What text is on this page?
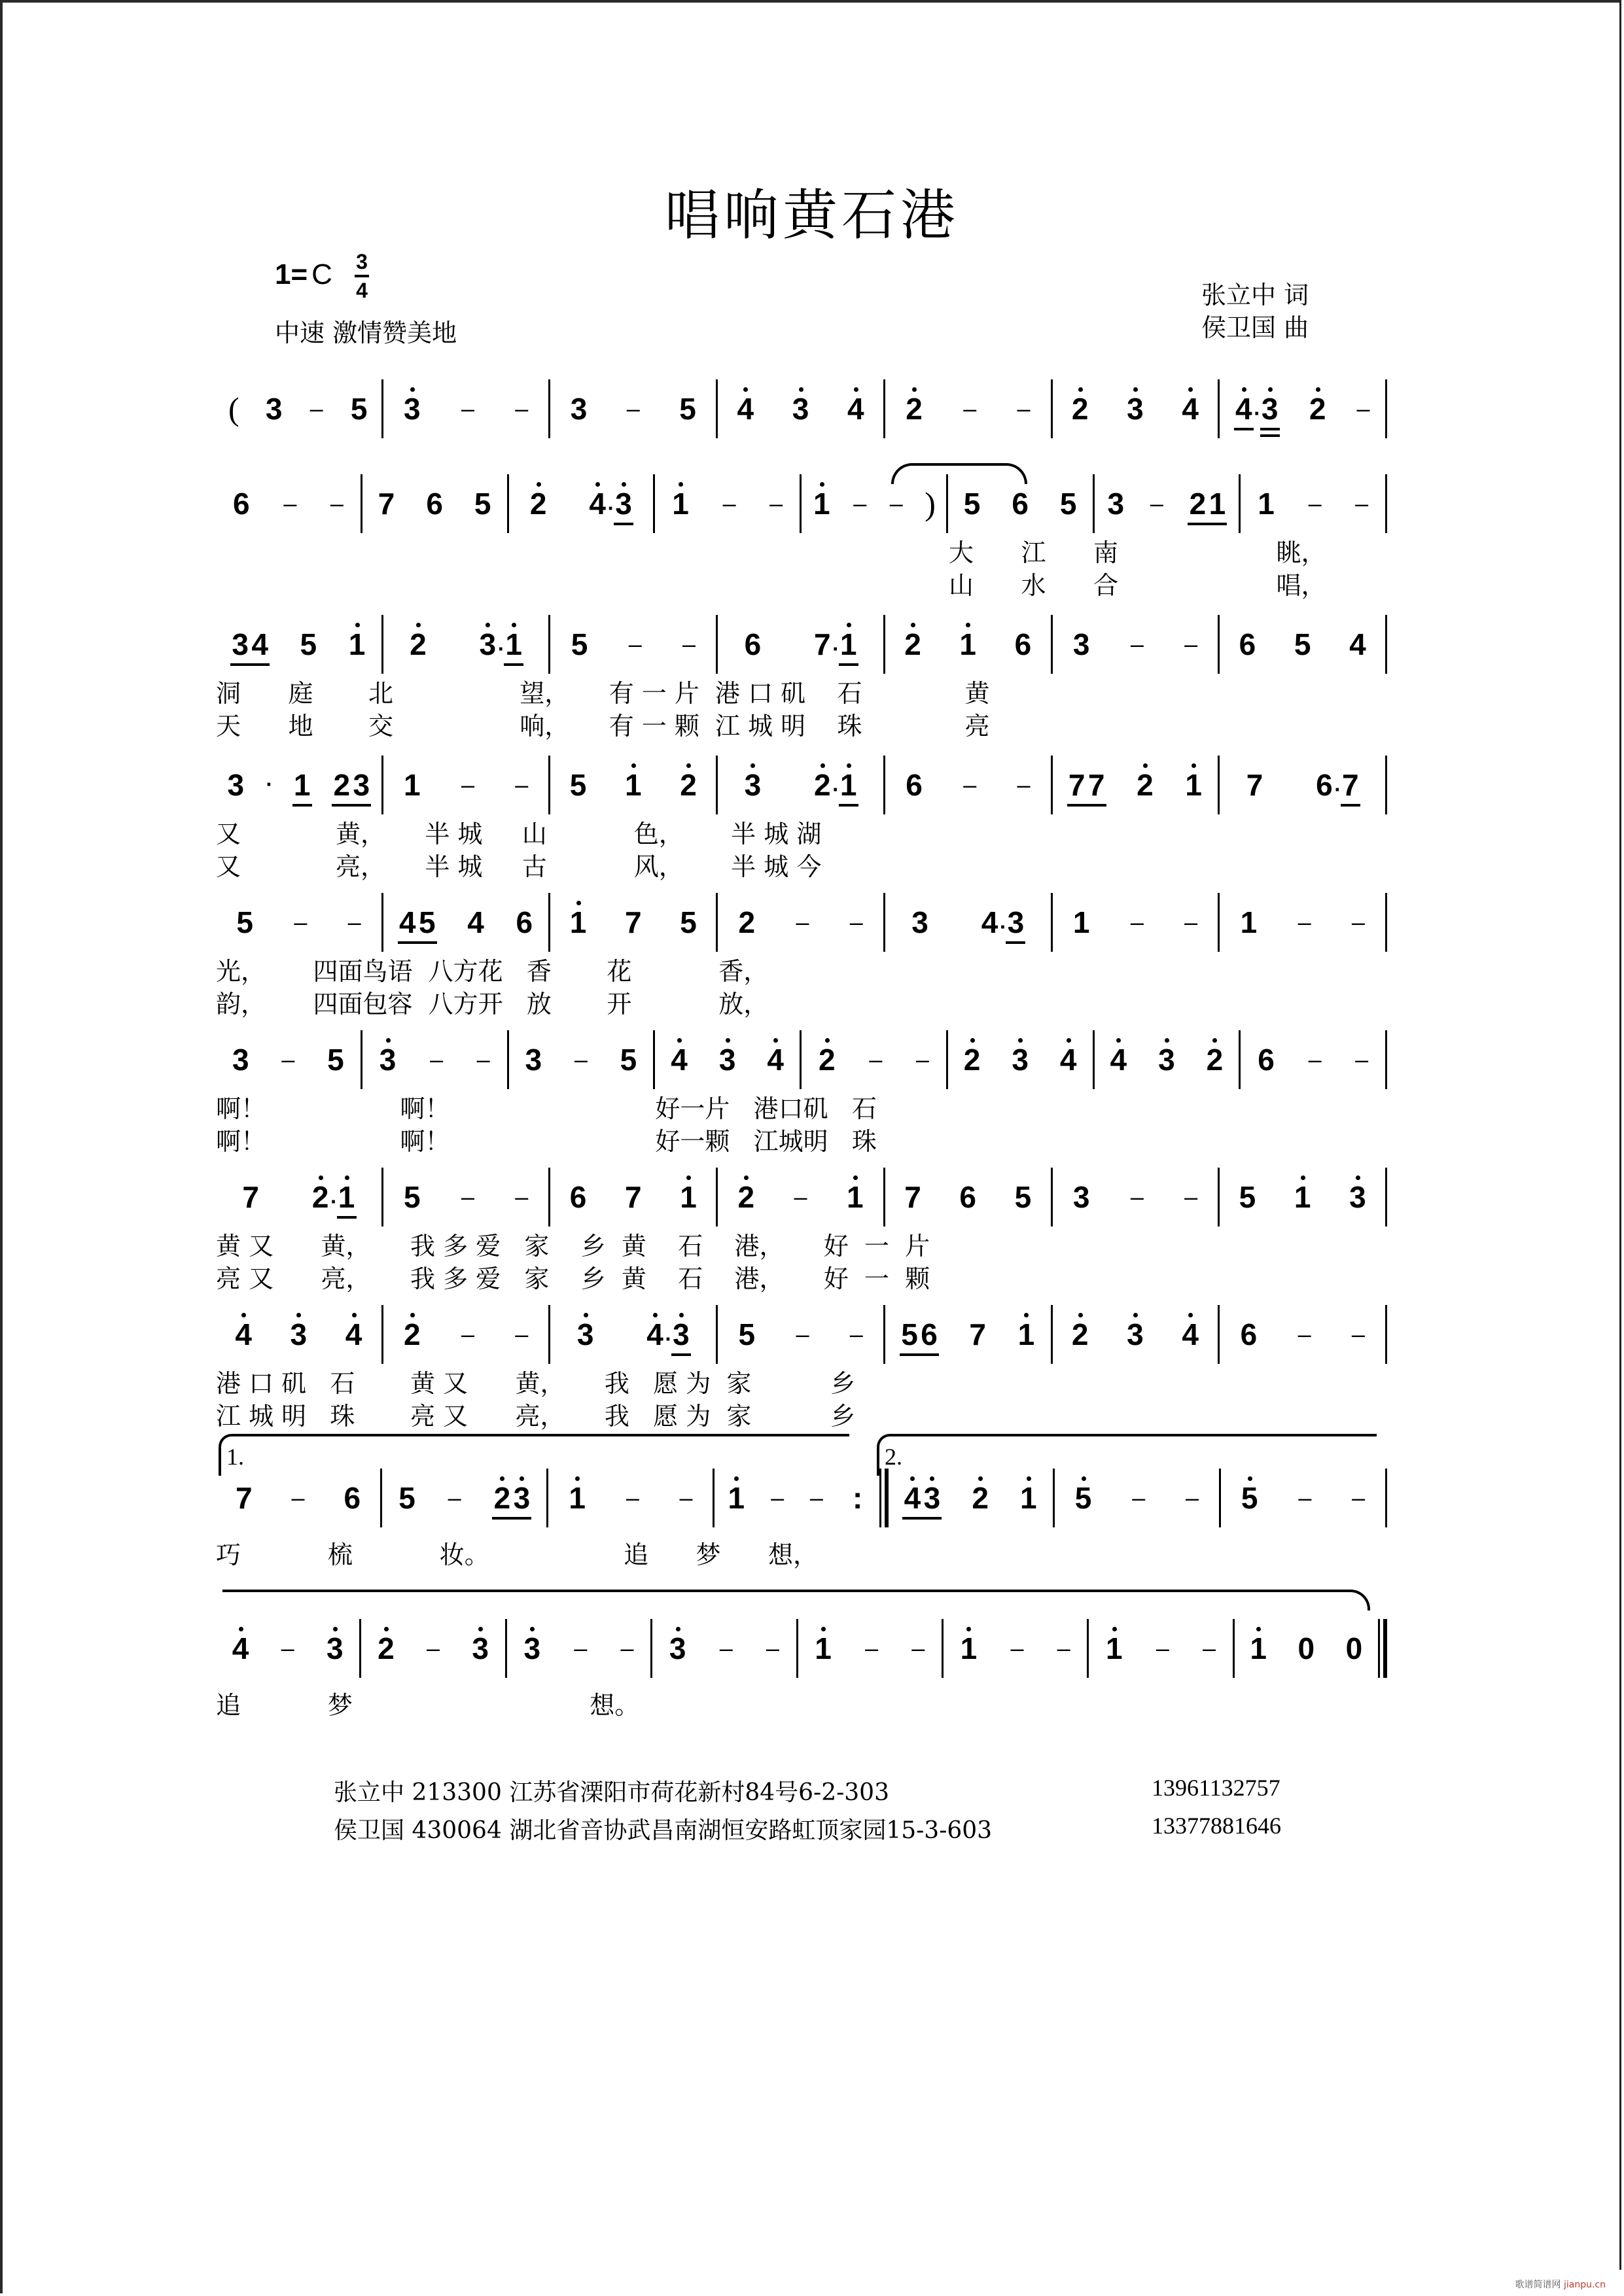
唱响黄石港
1= C 3
4
中速 激情赞美地
张立中 词
侯卫国 曲
( 3 – 5 3 – – 3 – 5 4 3 4 2 – – 2 3 4 4·3 2 –
6 – – 7 6 5 2 4·3 1 – – 1 – – ) 5 6 5 3 – 21 1 – –
大      江      南                    眺，
山      水      合                    唱，
34 5 1 2 3·1 5 – – 6 7·1 2 1 6 3 – – 6 5 4
洞      庭       北                望，     有 一 片  港 口 矶    石             黄
天      地       交                响，     有 一 颗  江 城 明    珠             亮
3 · 1 23 1 – – 5 1 2 3 2·1 6 – – 77 2 1 7 6·7
又            黄，     半 城     山           色，      半 城 湖
又            亮，     半 城     古           风，      半 城 今
5 – – 45 4 6 1 7 5 2 – – 3 4·3 1 – – 1 – –
光，      四面鸟语  八方花   香       花           香，
韵，      四面包容  八方开   放       开           放，
3 – 5 3 – – 3 – 5 4 3 4 2 – – 2 3 4 4 3 2 6 – –
啊！                 啊！                          好一片   港口矶   石
啊！                 啊！                          好一颗   江城明   珠
7 2·1 5 – – 6 7 1 2 – 1 7 6 5 3 – – 5 1 3
黄 又      黄，     我 多 爱   家    乡  黄    石    港，     好  一  片
亮 又      亮，     我 多 爱   家    乡  黄    石    港，     好  一  颗
4 3 4 2 – – 3 4·3 5 – – 56 7 1 2 3 4 6 – –
港 口 矶   石       黄 又      黄，     我   愿 为  家          乡
江 城 明   珠       亮 又      亮，     我   愿 为  家          乡
1.	2.
7 – 6 5 – 23 1 – – 1 – – : 43 2 1 5 – – 5 – –
巧           梳           妆。                 追      梦      想，
4 – 3 2 – 3 3 – – 3 – – 1 – – 1 – – 1 – – 1 0 0
追           梦                              想。
张立中 213300 江苏省溧阳市荷花新村84号6-2-303	13961132757
侯卫国 430064 湖北省音协武昌南湖恒安路虹顶家园15-3-603	13377881646
歌谱简谱网 jianpu.cn
